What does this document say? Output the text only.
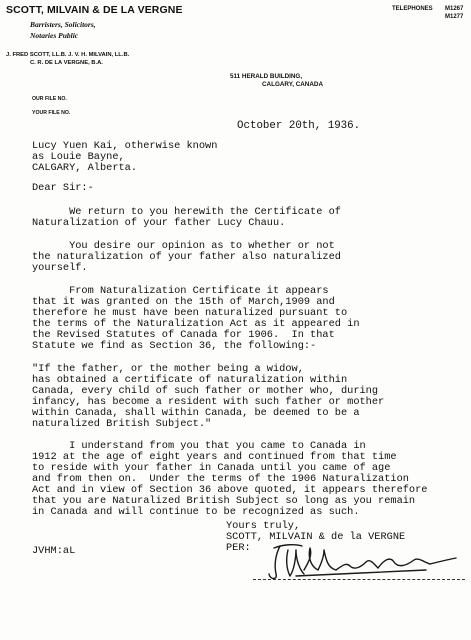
SCOTT, MILVAIN & DE LA VERGNE	TELEPHONES M1267
M1277
Barristers, Solicitors,
Notaries Public
J. FRED SCOTT, LL.B. J. V. H. MILVAIN, LL.B.
C. R. DE LA VERGNE, B.A.
511 HERALD BUILDING,
CALGARY, CANADA
OUR FILE NO.
YOUR FILE NO.
October 20th, 1936.
Lucy Yuen Kai, otherwise known
as Louie Bayne,
CALGARY, Alberta.
Dear Sir:-
We return to you herewith the Certificate of
Naturalization of your father Lucy Chauu.
You desire our opinion as to whether or not
the naturalization of your father also naturalized
yourself.
From Naturalization Certificate it appears
that it was granted on the 15th of March,1909 and
therefore he must have been naturalized pursuant to
the terms of the Naturalization Act as it appeared in
the Revised Statutes of Canada for 1906.  In that
Statute we find as Section 36, the following:-
"If the father, or the mother being a widow,
has obtained a certificate of naturalization within
Canada, every child of such father or mother who, during
infancy, has become a resident with such father or mother
within Canada, shall within Canada, be deemed to be a
naturalized British Subject."
I understand from you that you came to Canada in
1912 at the age of eight years and continued from that time
to reside with your father in Canada until you came of age
and from then on.  Under the terms of the 1906 Naturalization
Act and in view of Section 36 above quoted, it appears therefore
that you are Naturalized British Subject so long as you remain
in Canada and will continue to be recognized as such.
Yours truly,
SCOTT, MILVAIN & de la VERGNE
PER:
JVHM:aL
